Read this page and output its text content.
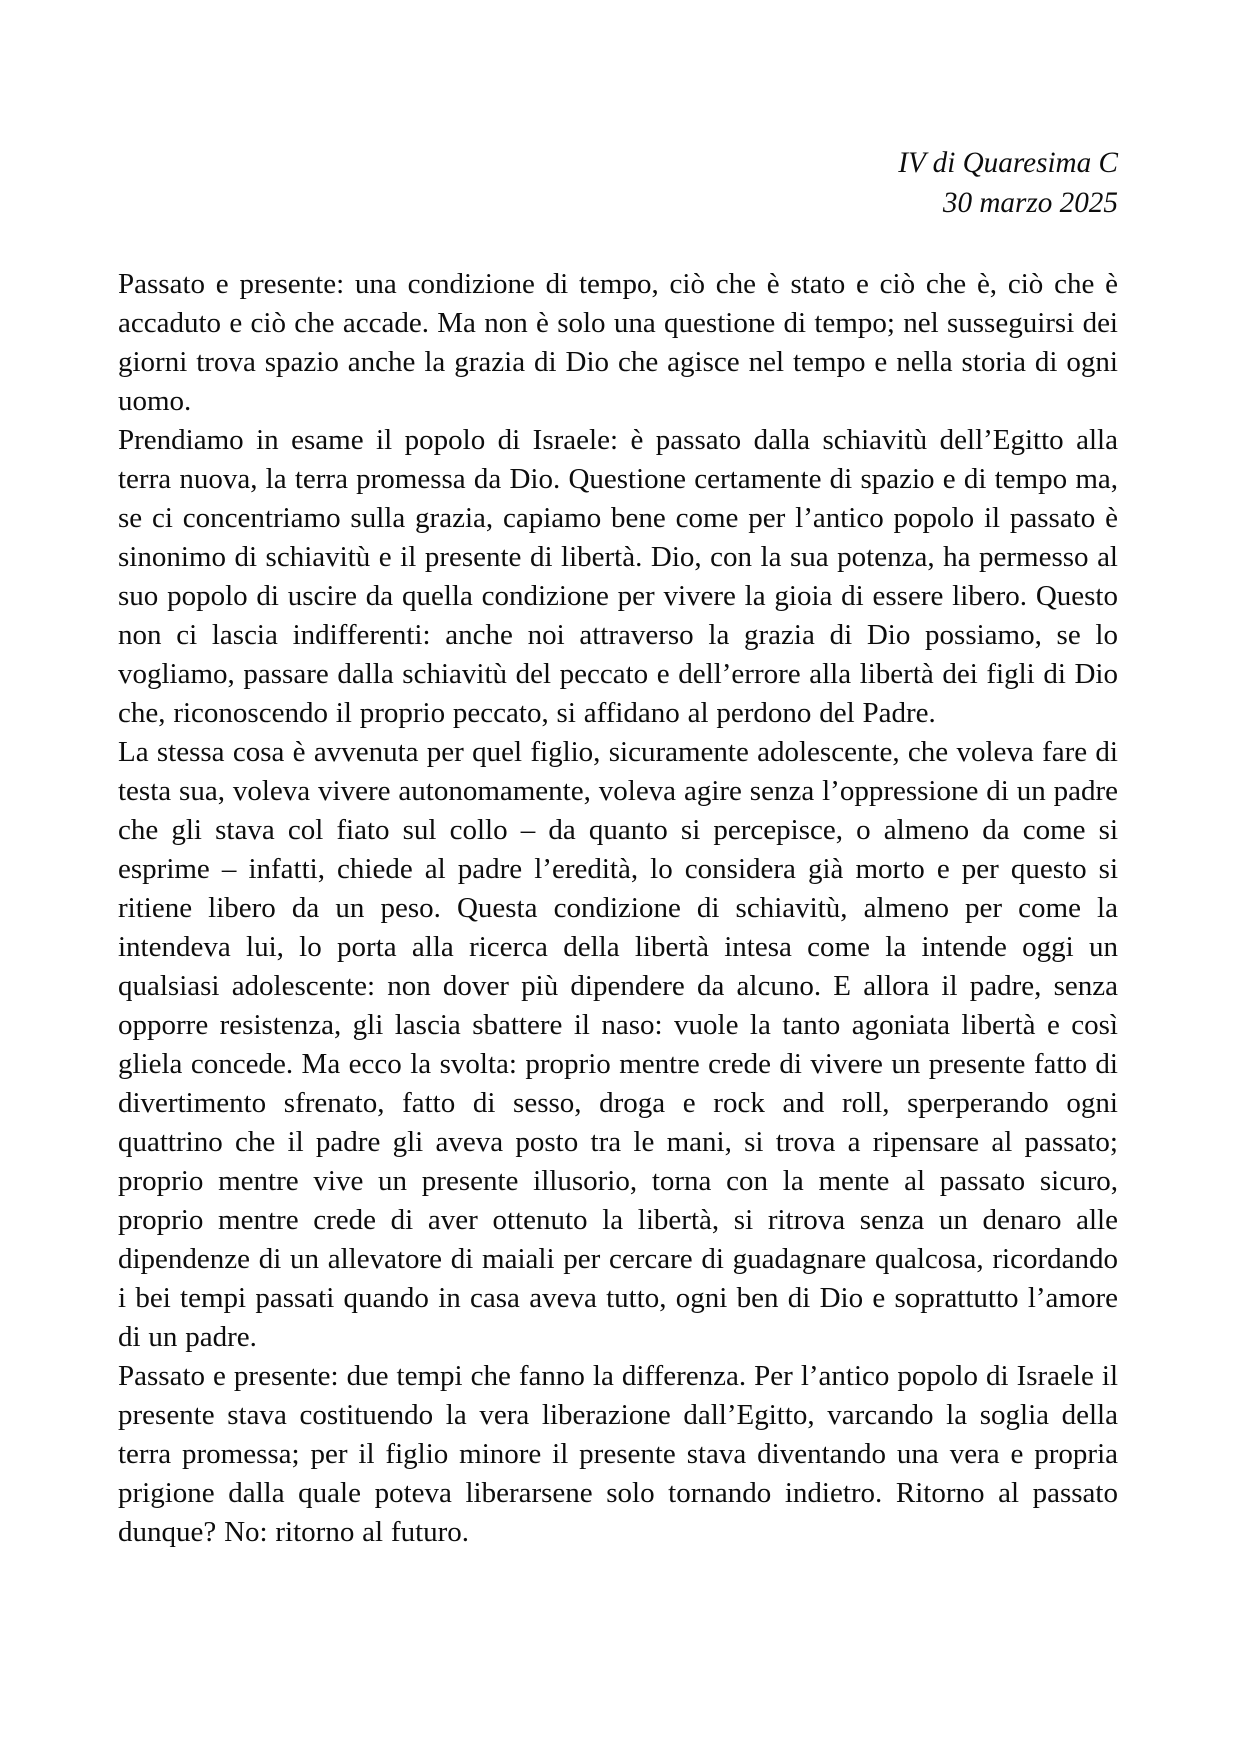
IV di Quaresima C
30 marzo 2025

Passato e presente: una condizione di tempo, ciò che è stato e ciò che è, ciò che è accaduto e ciò che accade. Ma non è solo una questione di tempo; nel susseguirsi dei giorni trova spazio anche la grazia di Dio che agisce nel tempo e nella storia di ogni uomo.

Prendiamo in esame il popolo di Israele: è passato dalla schiavitù dell’Egitto alla terra nuova, la terra promessa da Dio. Questione certamente di spazio e di tempo ma, se ci concentriamo sulla grazia, capiamo bene come per l’antico popolo il passato è sinonimo di schiavitù e il presente di libertà. Dio, con la sua potenza, ha permesso al suo popolo di uscire da quella condizione per vivere la gioia di essere libero. Questo non ci lascia indifferenti: anche noi attraverso la grazia di Dio possiamo, se lo vogliamo, passare dalla schiavitù del peccato e dell’errore alla libertà dei figli di Dio che, riconoscendo il proprio peccato, si affidano al perdono del Padre.

La stessa cosa è avvenuta per quel figlio, sicuramente adolescente, che voleva fare di testa sua, voleva vivere autonomamente, voleva agire senza l’oppressione di un padre che gli stava col fiato sul collo – da quanto si percepisce, o almeno da come si esprime – infatti, chiede al padre l’eredità, lo considera già morto e per questo si ritiene libero da un peso. Questa condizione di schiavitù, almeno per come la intendeva lui, lo porta alla ricerca della libertà intesa come la intende oggi un qualsiasi adolescente: non dover più dipendere da alcuno. E allora il padre, senza opporre resistenza, gli lascia sbattere il naso: vuole la tanto agoniata libertà e così gliela concede. Ma ecco la svolta: proprio mentre crede di vivere un presente fatto di divertimento sfrenato, fatto di sesso, droga e rock and roll, sperperando ogni quattrino che il padre gli aveva posto tra le mani, si trova a ripensare al passato; proprio mentre vive un presente illusorio, torna con la mente al passato sicuro, proprio mentre crede di aver ottenuto la libertà, si ritrova senza un denaro alle dipendenze di un allevatore di maiali per cercare di guadagnare qualcosa, ricordando i bei tempi passati quando in casa aveva tutto, ogni ben di Dio e soprattutto l’amore di un padre.

Passato e presente: due tempi che fanno la differenza. Per l’antico popolo di Israele il presente stava costituendo la vera liberazione dall’Egitto, varcando la soglia della terra promessa; per il figlio minore il presente stava diventando una vera e propria prigione dalla quale poteva liberarsene solo tornando indietro. Ritorno al passato dunque? No: ritorno al futuro.
